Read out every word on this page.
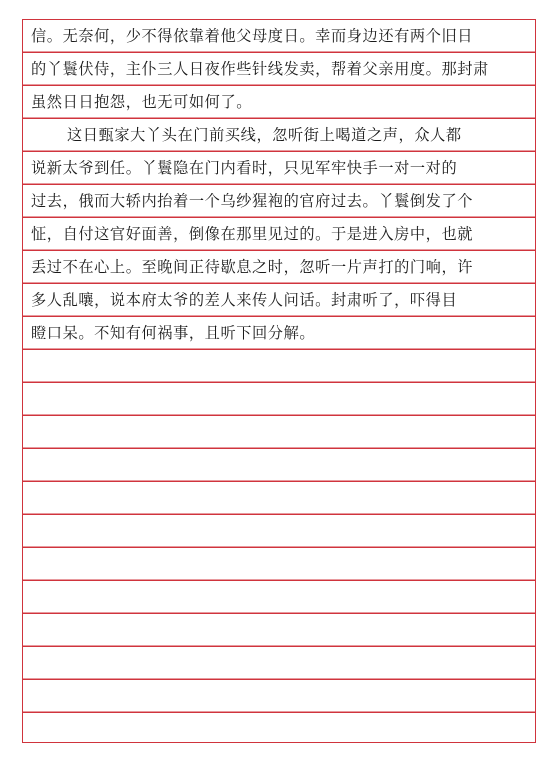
信。无奈何，少不得依靠着他父母度日。幸而身边还有两个旧日
的丫鬟伏侍，主仆三人日夜作些针线发卖，帮着父亲用度。那封肃
虽然日日抱怨，也无可如何了。
这日甄家大丫头在门前买线，忽听街上喝道之声，众人都
说新太爷到任。丫鬟隐在门内看时，只见军牢快手一对一对的
过去，俄而大轿内抬着一个乌纱猩袍的官府过去。丫鬟倒发了个
怔，自付这官好面善，倒像在那里见过的。于是进入房中，也就
丢过不在心上。至晚间正待歇息之时，忽听一片声打的门响，许
多人乱嚷，说本府太爷的差人来传人问话。封肃听了，吓得目
瞪口呆。不知有何祸事，且听下回分解。
